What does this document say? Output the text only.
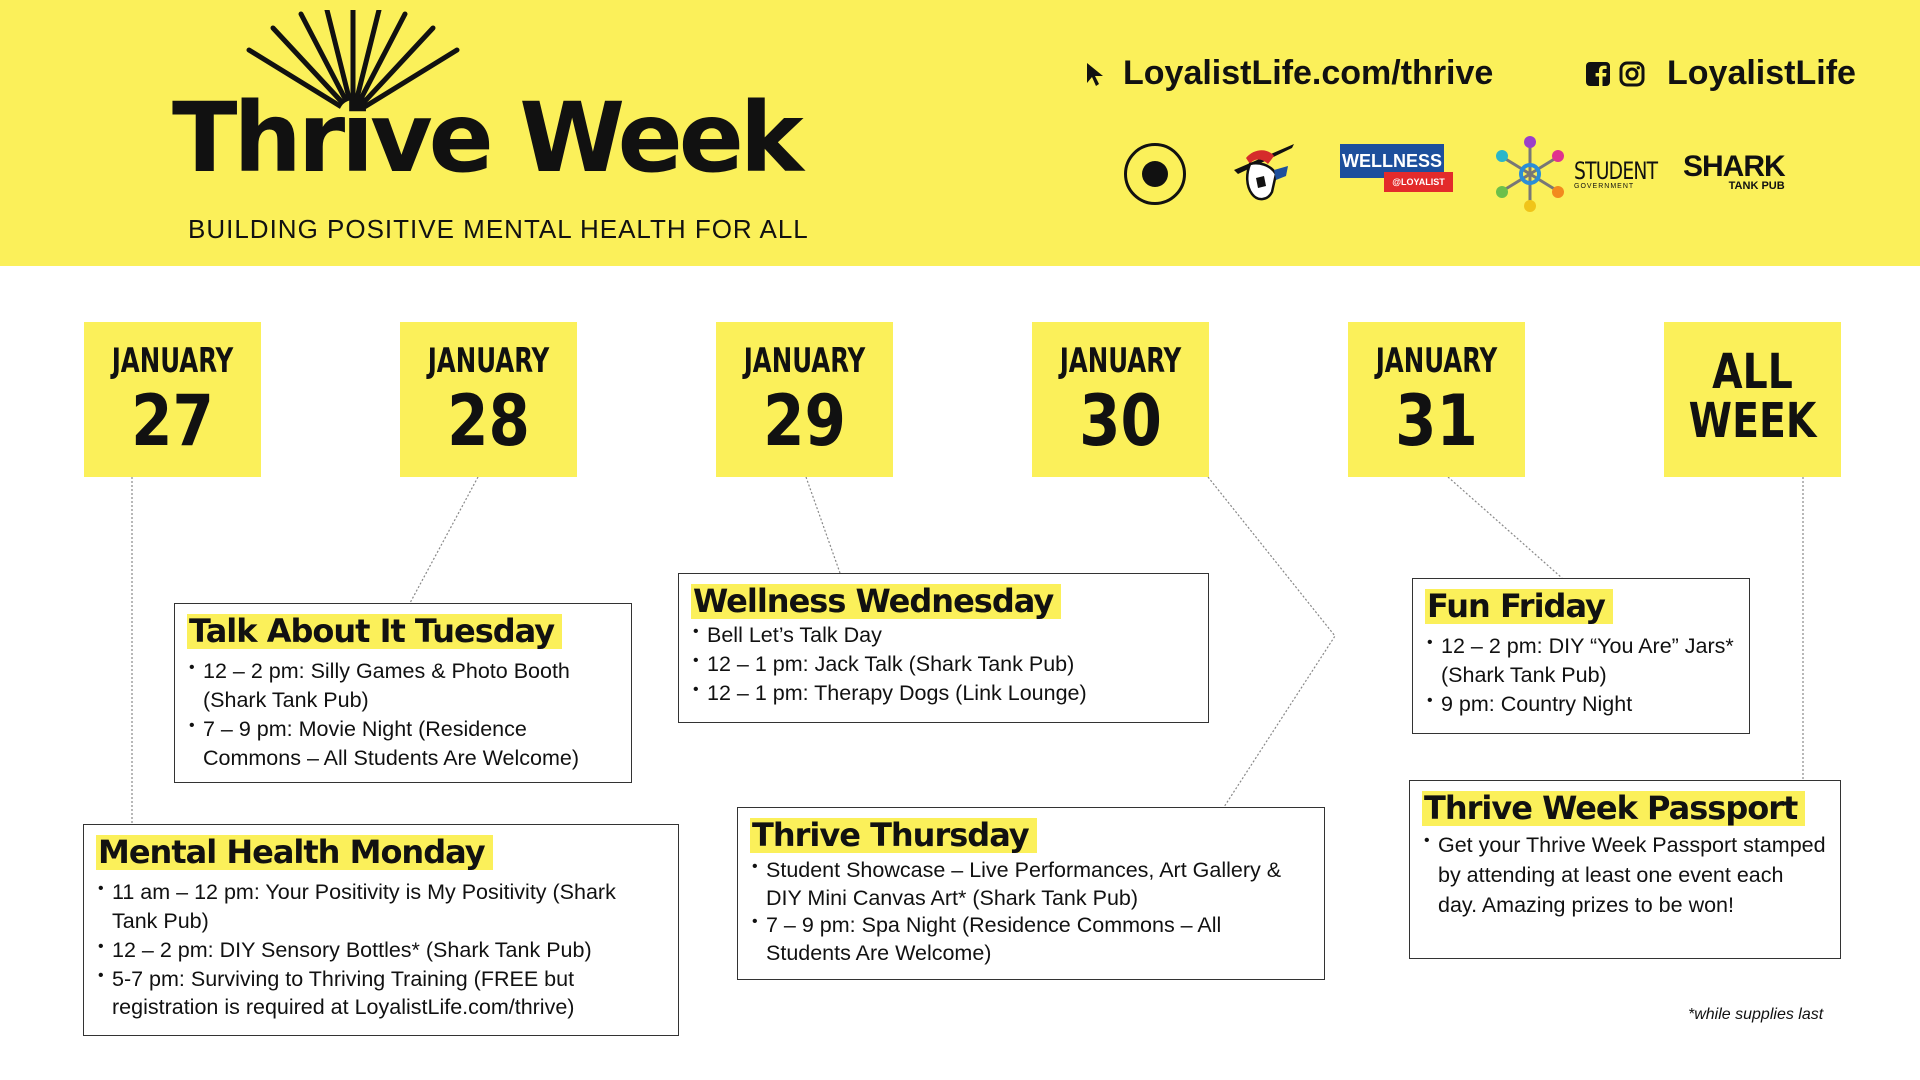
Thrive Week
BUILDING POSITIVE MENTAL HEALTH FOR ALL
LoyalistLife.com/thrive	LoyalistLife
WELLNESS
@LOYALIST	STUDENT
GOVERNMENT
SHARK
TANK PUB
JANUARY
27
JANUARY
28
JANUARY
29
JANUARY
30
JANUARY
31
ALL
WEEK
Mental Health Monday
• 11 am – 12 pm: Your Positivity is My Positivity (Shark Tank Pub)
• 12 – 2 pm: DIY Sensory Bottles* (Shark Tank Pub)
• 5-7 pm: Surviving to Thriving Training (FREE but registration is required at LoyalistLife.com/thrive)
Talk About It Tuesday
• 12 – 2 pm: Silly Games & Photo Booth (Shark Tank Pub)
• 7 – 9 pm: Movie Night (Residence Commons – All Students Are Welcome)
Wellness Wednesday
• Bell Let’s Talk Day
• 12 – 1 pm: Jack Talk (Shark Tank Pub)
• 12 – 1 pm: Therapy Dogs (Link Lounge)
Thrive Thursday
• Student Showcase – Live Performances, Art Gallery & DIY Mini Canvas Art* (Shark Tank Pub)
• 7 – 9 pm: Spa Night (Residence Commons – All Students Are Welcome)
Fun Friday
• 12 – 2 pm: DIY “You Are” Jars* (Shark Tank Pub)
• 9 pm: Country Night
Thrive Week Passport
• Get your Thrive Week Passport stamped by attending at least one event each day. Amazing prizes to be won!
*while supplies last
